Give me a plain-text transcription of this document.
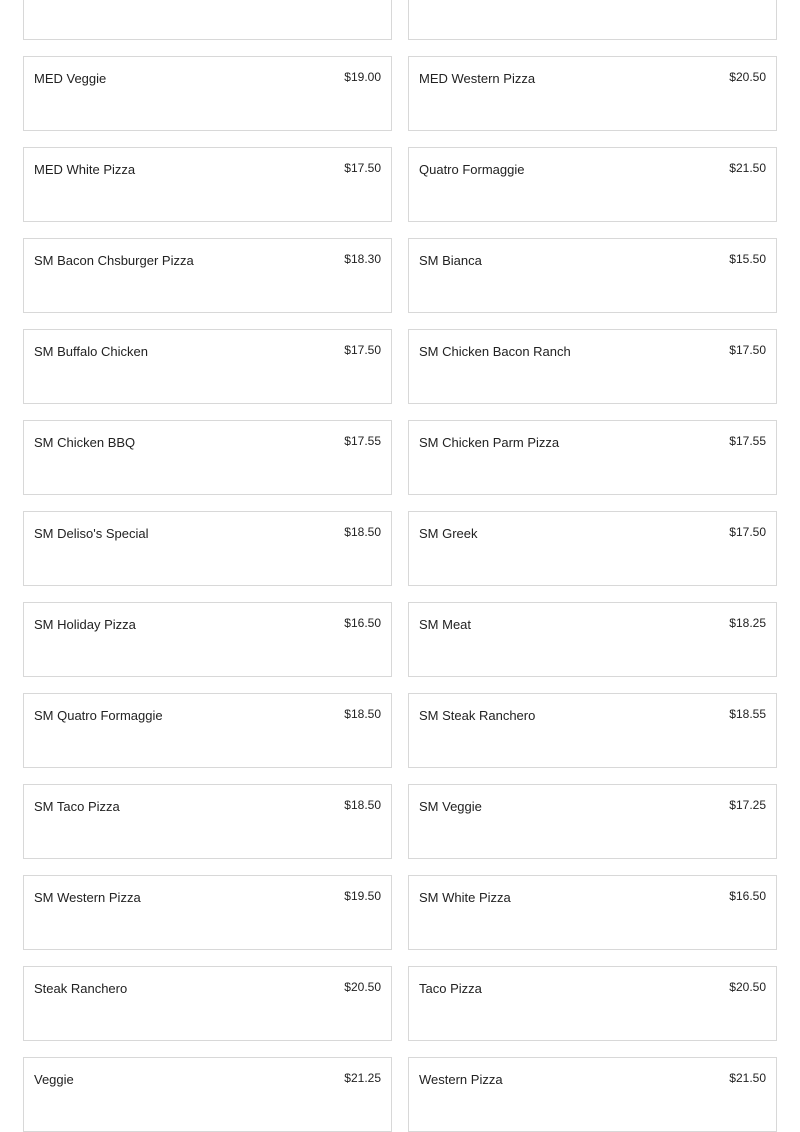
MED Veggie	$19.00	MED Western Pizza	$20.50
MED White Pizza	$17.50	Quatro Formaggie	$21.50
SM Bacon Chsburger Pizza	$18.30	SM Bianca	$15.50
SM Buffalo Chicken	$17.50	SM Chicken Bacon Ranch	$17.50
SM Chicken BBQ	$17.55	SM Chicken Parm Pizza	$17.55
SM Deliso's Special	$18.50	SM Greek	$17.50
SM Holiday Pizza	$16.50	SM Meat	$18.25
SM Quatro Formaggie	$18.50	SM Steak Ranchero	$18.55
SM Taco Pizza	$18.50	SM Veggie	$17.25
SM Western Pizza	$19.50	SM White Pizza	$16.50
Steak Ranchero	$20.50	Taco Pizza	$20.50
Veggie	$21.25	Western Pizza	$21.50
